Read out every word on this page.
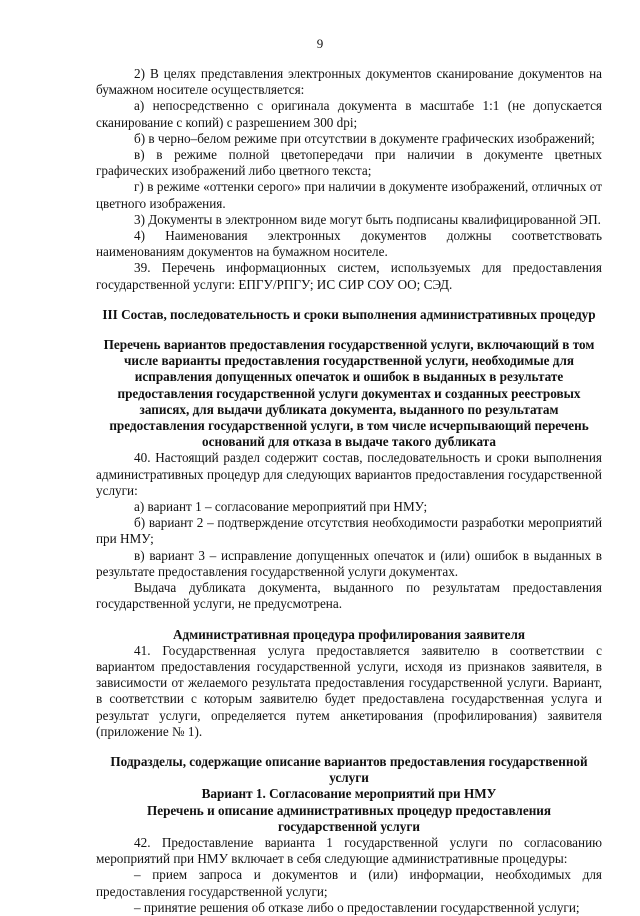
9

2) В целях представления электронных документов сканирование документов на бумажном носителе осуществляется:

а) непосредственно с оригинала документа в масштабе 1:1 (не допускается сканирование с копий) с разрешением 300 dpi;

б) в черно–белом режиме при отсутствии в документе графических изображений;

в) в режиме полной цветопередачи при наличии в документе цветных графических изображений либо цветного текста;

г) в режиме «оттенки серого» при наличии в документе изображений, отличных от цветного изображения.

3) Документы в электронном виде могут быть подписаны квалифицированной ЭП.

4) Наименования электронных документов должны соответствовать наименованиям документов на бумажном носителе.

39. Перечень информационных систем, используемых для предоставления государственной услуги: ЕПГУ/РПГУ; ИС СИР СОУ ОО; СЭД.

III Состав, последовательность и сроки выполнения административных процедур

Перечень вариантов предоставления государственной услуги, включающий в том числе варианты предоставления государственной услуги, необходимые для исправления допущенных опечаток и ошибок в выданных в результате предоставления государственной услуги документах и созданных реестровых записях, для выдачи дубликата документа, выданного по результатам предоставления государственной услуги, в том числе исчерпывающий перечень оснований для отказа в выдаче такого дубликата

40. Настоящий раздел содержит состав, последовательность и сроки выполнения административных процедур для следующих вариантов предоставления государственной услуги:

а) вариант 1 – согласование мероприятий при НМУ;

б) вариант 2 – подтверждение отсутствия необходимости разработки мероприятий при НМУ;

в) вариант 3 – исправление допущенных опечаток и (или) ошибок в выданных в результате предоставления государственной услуги документах.

Выдача дубликата документа, выданного по результатам предоставления государственной услуги, не предусмотрена.

Административная процедура профилирования заявителя

41. Государственная услуга предоставляется заявителю в соответствии с вариантом предоставления государственной услуги, исходя из признаков заявителя, в зависимости от желаемого результата предоставления государственной услуги. Вариант, в соответствии с которым заявителю будет предоставлена государственная услуга и результат услуги, определяется путем анкетирования (профилирования) заявителя (приложение № 1).

Подразделы, содержащие описание вариантов предоставления государственной услуги

Вариант 1. Согласование мероприятий при НМУ

Перечень и описание административных процедур предоставления государственной услуги

42. Предоставление варианта 1 государственной услуги по согласованию мероприятий при НМУ включает в себя следующие административные процедуры:

– прием запроса и документов и (или) информации, необходимых для предоставления государственной услуги;

– принятие решения об отказе либо о предоставлении государственной услуги;
